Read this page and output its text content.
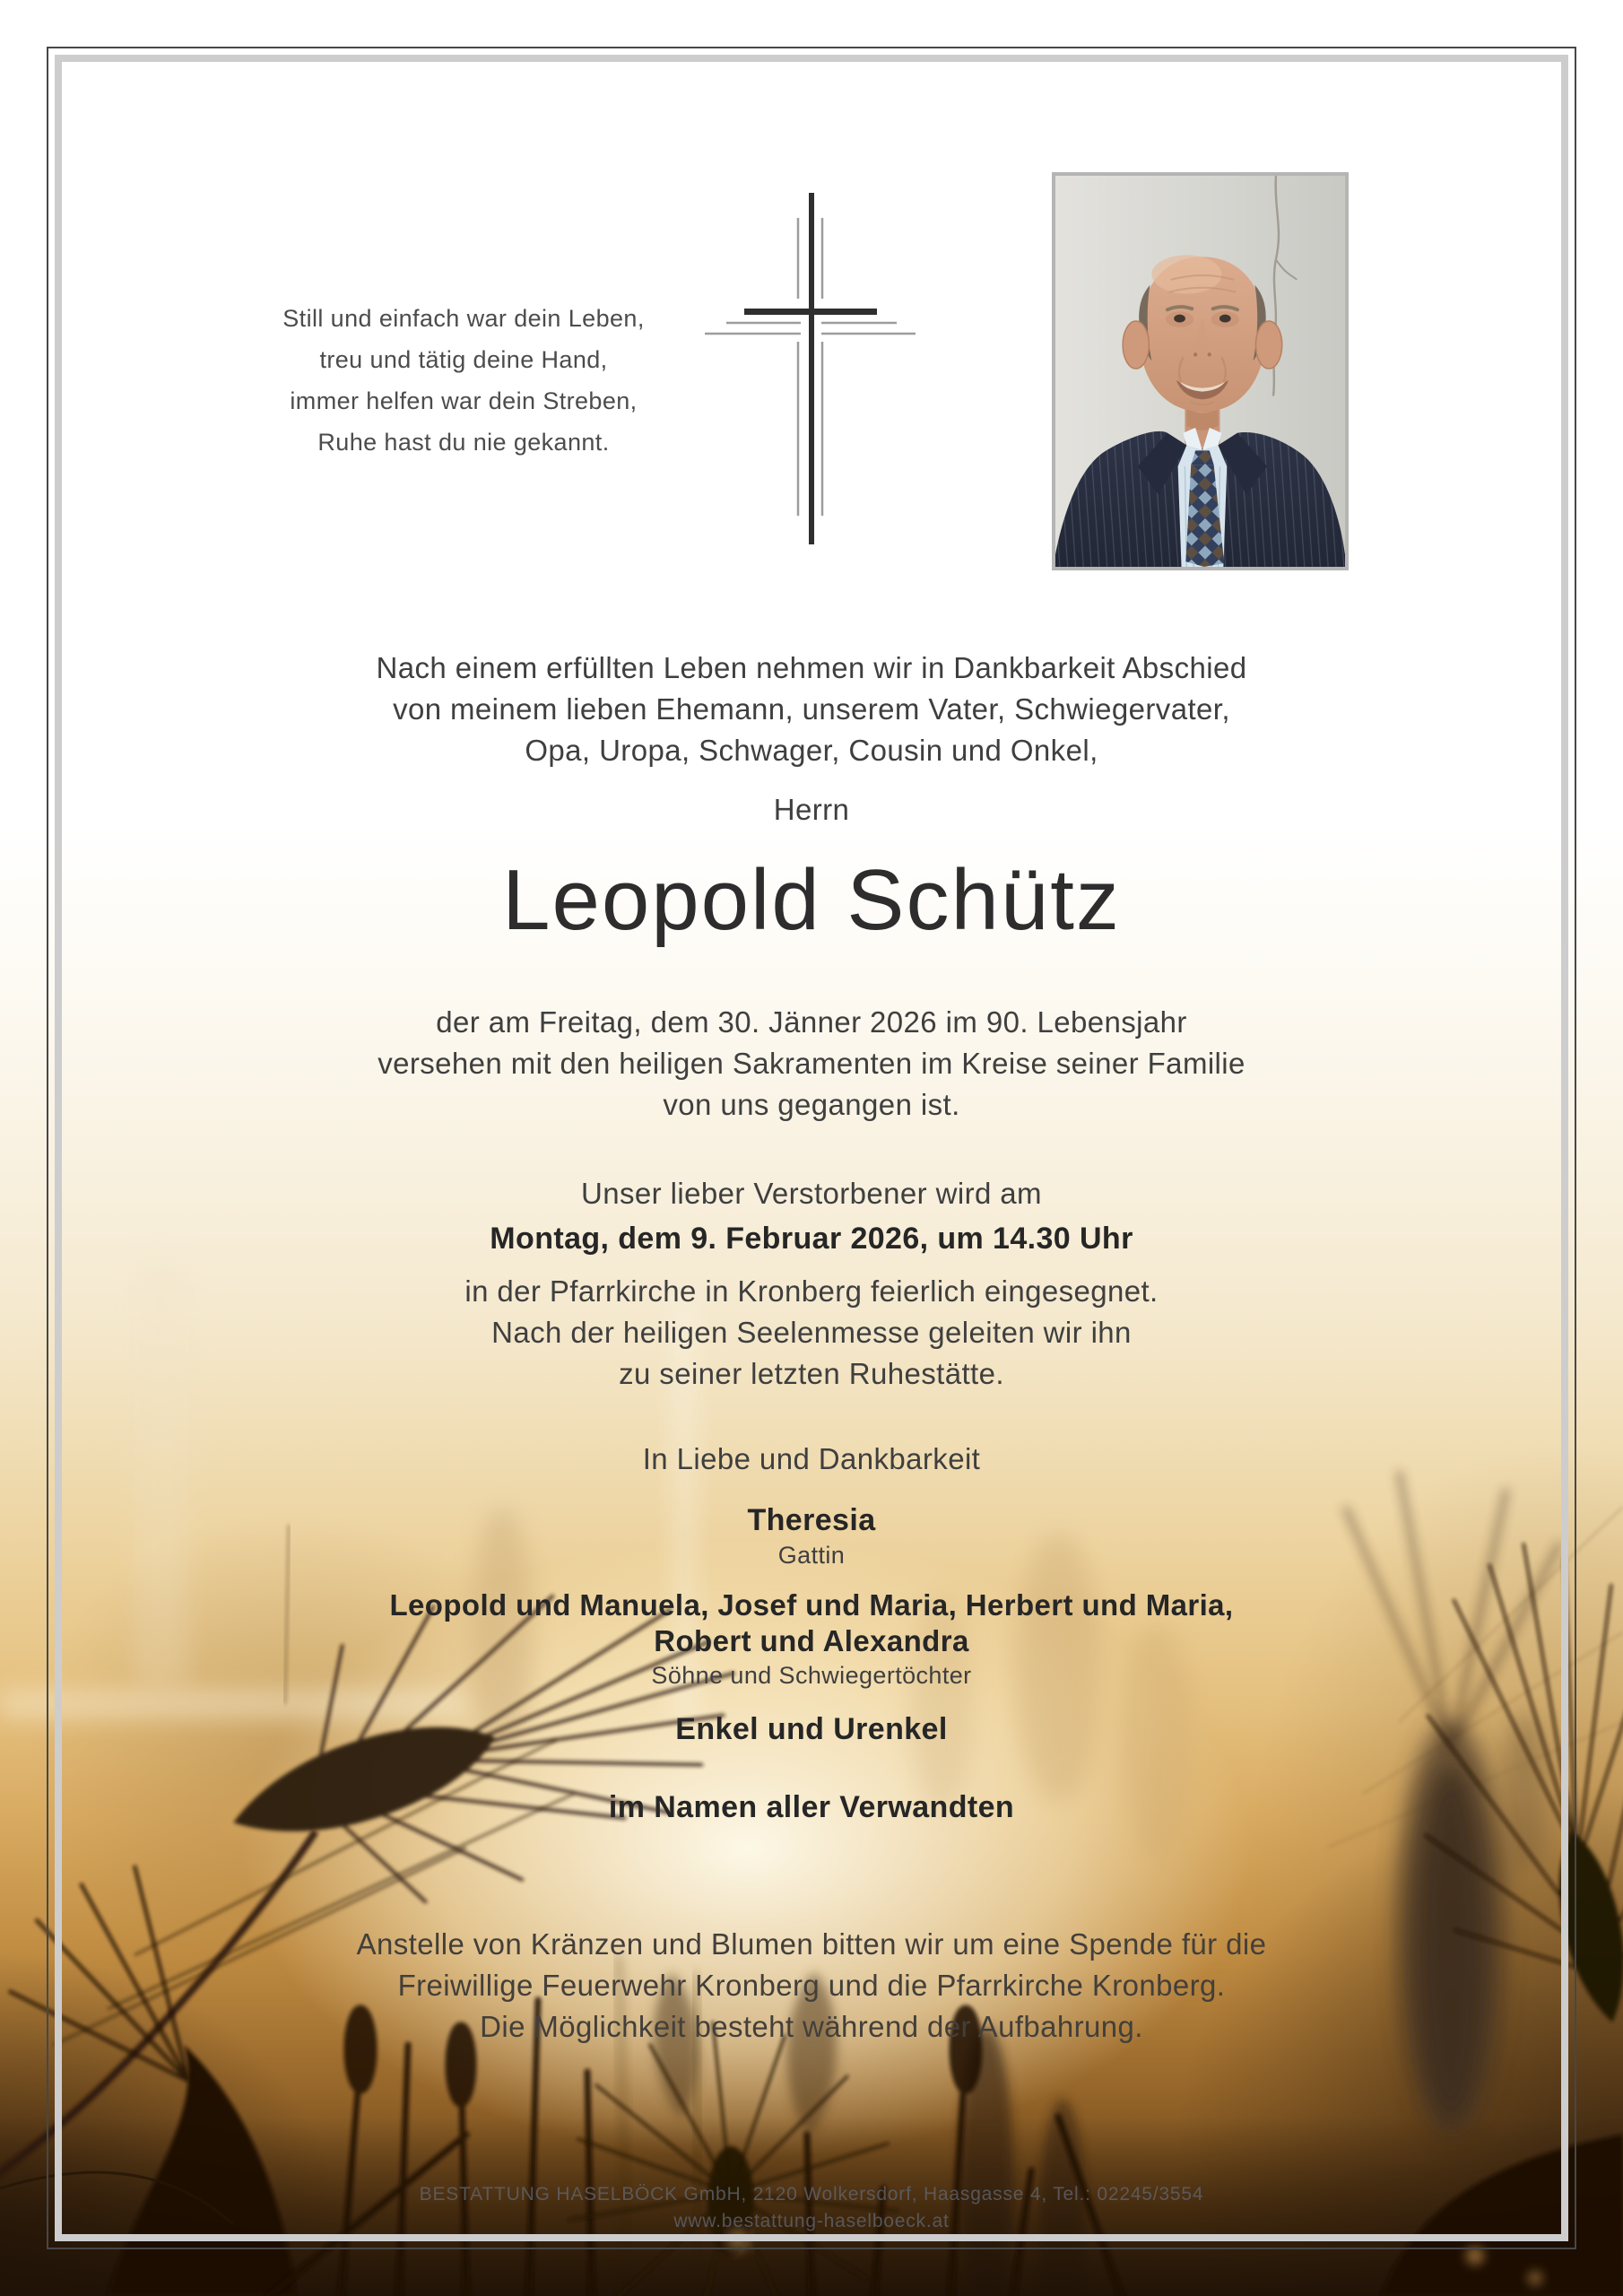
Still und einfach war dein Leben,
treu und tätig deine Hand,
immer helfen war dein Streben,
Ruhe hast du nie gekannt.
Nach einem erfüllten Leben nehmen wir in Dankbarkeit Abschied
von meinem lieben Ehemann, unserem Vater, Schwiegervater,
Opa, Uropa, Schwager, Cousin und Onkel,
Herrn
Leopold Schütz
der am Freitag, dem 30. Jänner 2026 im 90. Lebensjahr
versehen mit den heiligen Sakramenten im Kreise seiner Familie
von uns gegangen ist.
Unser lieber Verstorbener wird am
Montag, dem 9. Februar 2026, um 14.30 Uhr
in der Pfarrkirche in Kronberg feierlich eingesegnet.
Nach der heiligen Seelenmesse geleiten wir ihn
zu seiner letzten Ruhestätte.
In Liebe und Dankbarkeit
Theresia
Gattin
Leopold und Manuela, Josef und Maria, Herbert und Maria,
Robert und Alexandra
Söhne und Schwiegertöchter
Enkel und Urenkel
im Namen aller Verwandten
Anstelle von Kränzen und Blumen bitten wir um eine Spende für die
Freiwillige Feuerwehr Kronberg und die Pfarrkirche Kronberg.
Die Möglichkeit besteht während der Aufbahrung.
BESTATTUNG HASELBÖCK GmbH, 2120 Wolkersdorf, Haasgasse 4, Tel.: 02245/3554
www.bestattung-haselboeck.at
